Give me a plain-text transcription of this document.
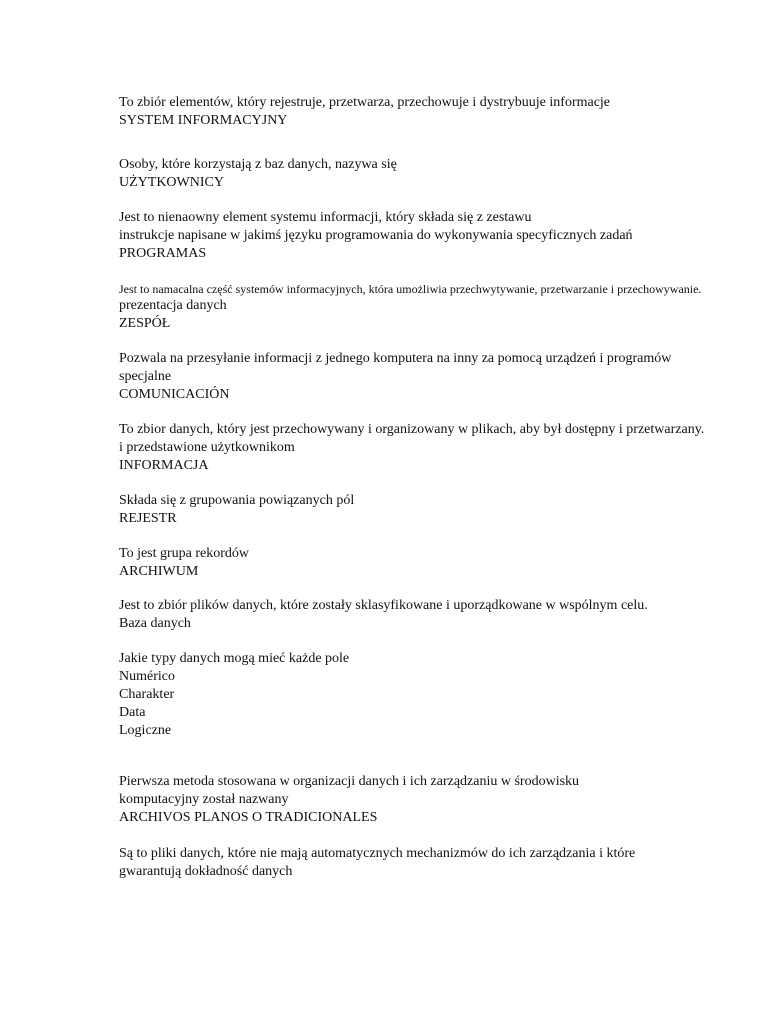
To zbiór elementów, który rejestruje, przetwarza, przechowuje i dystrybuuje informacje
SYSTEM INFORMACYJNY
Osoby, które korzystają z baz danych, nazywa się
UŻYTKOWNICY
Jest to nienaowny element systemu informacji, który składa się z zestawu
instrukcje napisane w jakimś języku programowania do wykonywania specyficznych zadań
PROGRAMAS
Jest to namacalna część systemów informacyjnych, która umożliwia przechwytywanie, przetwarzanie i przechowywanie.
prezentacja danych
ZESPÓŁ
Pozwala na przesyłanie informacji z jednego komputera na inny za pomocą urządzeń i programów
specjalne
COMUNICACIÓN
To zbior danych, który jest przechowywany i organizowany w plikach, aby był dostępny i przetwarzany.
i przedstawione użytkownikom
INFORMACJA
Składa się z grupowania powiązanych pól
REJESTR
To jest grupa rekordów
ARCHIWUM
Jest to zbiór plików danych, które zostały sklasyfikowane i uporządkowane w wspólnym celu.
Baza danych
Jakie typy danych mogą mieć każde pole
Numérico
Charakter
Data
Logiczne
Pierwsza metoda stosowana w organizacji danych i ich zarządzaniu w środowisku
komputacyjny został nazwany
ARCHIVOS PLANOS O TRADICIONALES
Są to pliki danych, które nie mają automatycznych mechanizmów do ich zarządzania i które
gwarantują dokładność danych
